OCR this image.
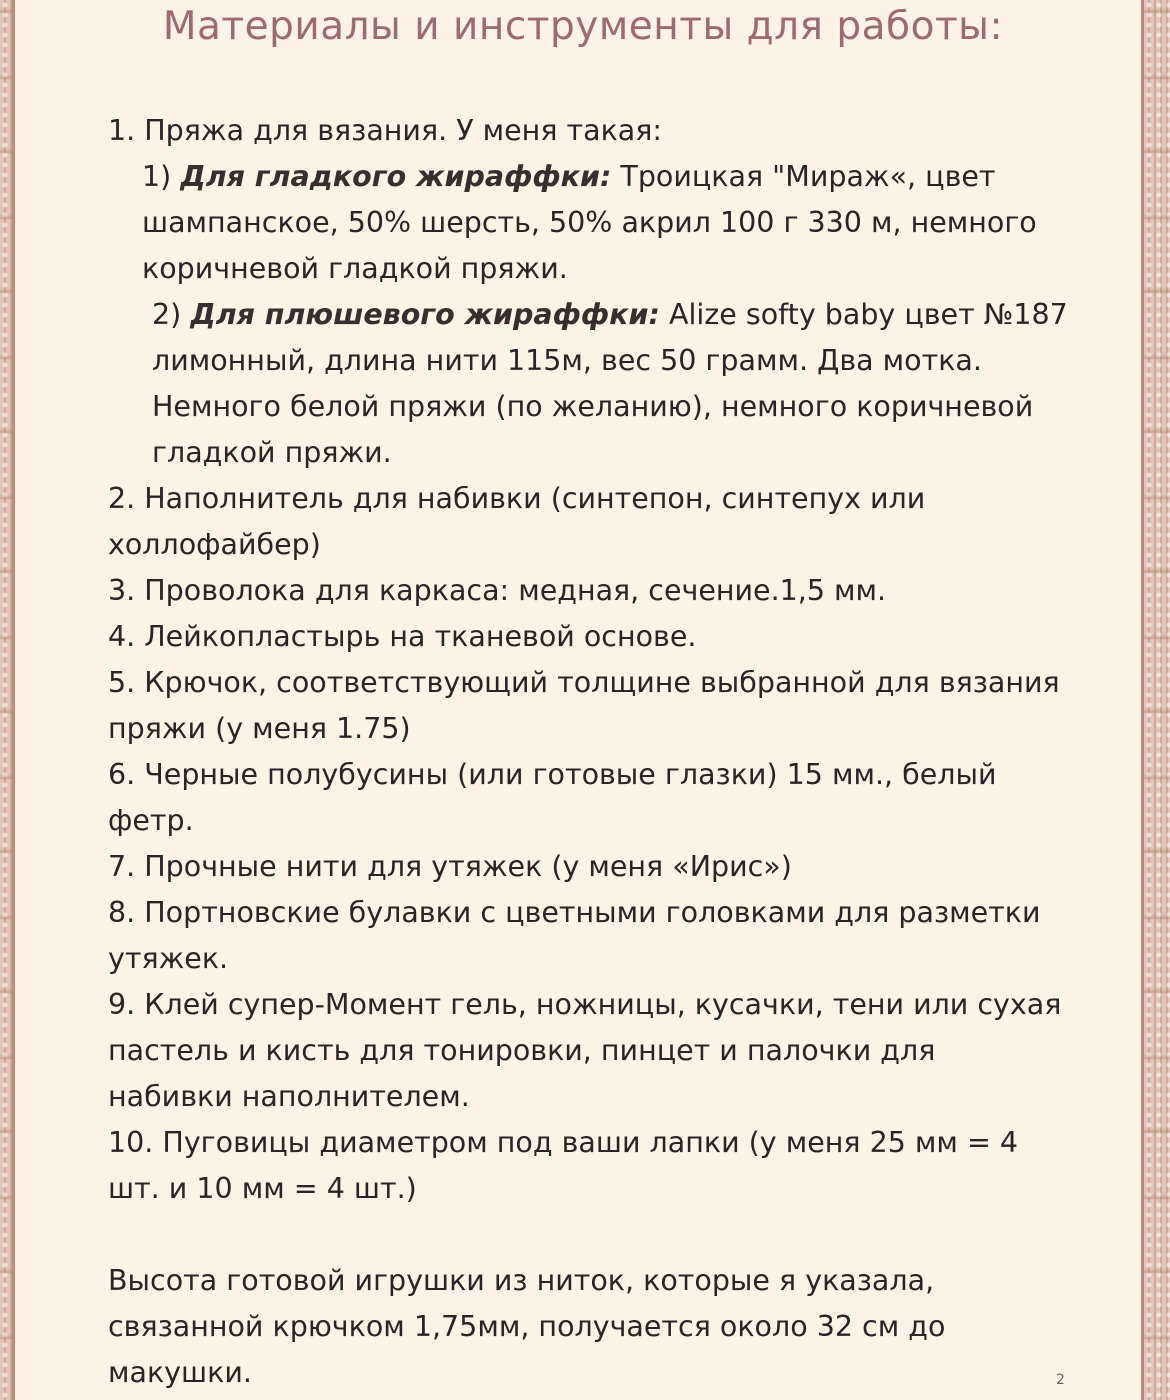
Материалы и инструменты для работы:

1. Пряжа для вязания. У меня такая:

1) Для гладкого жираффки: Троицкая "Мираж«, цвет шампанское, 50% шерсть, 50% акрил 100 г 330 м, немного коричневой гладкой пряжи.

2) Для плюшевого жираффки: Alize softy baby цвет №187 лимонный, длина нити 115м, вес 50 грамм. Два мотка. Немного белой пряжи (по желанию), немного коричневой гладкой пряжи.

2. Наполнитель для набивки (синтепон, синтепух или холлофайбер)

3. Проволока для каркаса: медная, сечение.1,5 мм.

4. Лейкопластырь на тканевой основе.

5. Крючок, соответствующий толщине выбранной для вязания пряжи (у меня 1.75)

6. Черные полубусины (или готовые глазки) 15 мм., белый фетр.

7. Прочные нити для утяжек (у меня «Ирис»)

8. Портновские булавки с цветными головками для разметки утяжек.

9. Клей супер-Момент гель, ножницы, кусачки, тени или сухая пастель и кисть для тонировки, пинцет и палочки для набивки наполнителем.

10. Пуговицы диаметром под ваши лапки (у меня 25 мм = 4 шт. и 10 мм = 4 шт.)

Высота готовой игрушки из ниток, которые я указала, связанной крючком 1,75мм, получается около 32 см до макушки.	2
